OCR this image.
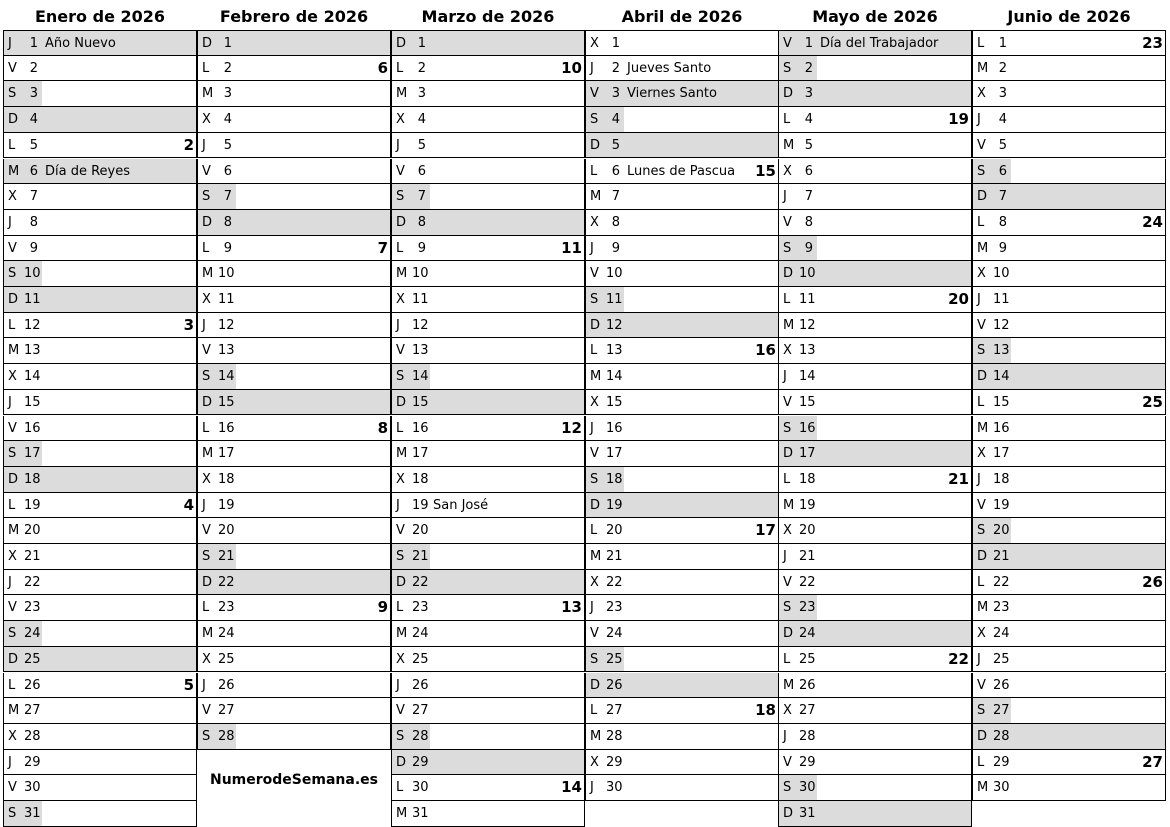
Enero de 2026
J	1 Año Nuevo
V 2
S	3
D 4
L	5	2
M 6 Día de Reyes
X 7
J	8
V 9
S 10
D 11
L 12	3
M 13
X 14
J 15
V 16
S 17
D 18
L 19	4
M 20
X 21
J 22
V 23
S 24
D 25
L 26	5
M 27
X 28
J 29
V 30
S 31
Febrero de 2026
D 1
L	2	6
M 3
X 4
J	5
V 6
S	7
D 8
L	9	7
M 10
X 11
J 12
V 13
S 14
D 15
L 16	8
M 17
X 18
J 19
V 20
S 21
D 22
L 23	9
M 24
X 25
J 26
V 27
S 28
Marzo de 2026
D 1
L	2	10
M 3
X 4
J	5
V 6
S	7
D 8
L	9	11
M 10
X 11
J 12
V 13
S 14
D 15
L 16	12
M 17
X 18
J 19 San José
V 20
S 21
D 22
L 23	13
M 24
X 25
J 26
V 27
S 28
D 29
L 30	14
M 31
Abril de 2026
X 1
J	2 Jueves Santo
V 3 Viernes Santo
S	4
D 5
L	6 Lunes de Pascua 15
M 7
X 8
J	9
V 10
S 11
D 12
L 13	16
M 14
X 15
J 16
V 17
S 18
D 19
L 20	17
M 21
X 22
J 23
V 24
S 25
D 26
L 27	18
M 28
X 29
J 30
Mayo de 2026
V 1 Día del Trabajador
S	2
D 3
L	4	19
M 5
X 6
J	7
V 8
S	9
D 10
L 11	20
M 12
X 13
J 14
V 15
S 16
D 17
L 18	21
M 19
X 20
J 21
V 22
S 23
D 24
L 25	22
M 26
X 27
J 28
V 29
S 30
D 31
Junio de 2026
L	1	23
M 2
X 3
J	4
V 5
S	6
D 7
L	8	24
M 9
X 10
J 11
V 12
S 13
D 14
L 15	25
M 16
X 17
J 18
V 19
S 20
D 21
L 22	26
M 23
X 24
J 25
V 26
S 27
D 28
L 29	27
M 30
NumerodeSemana.es
